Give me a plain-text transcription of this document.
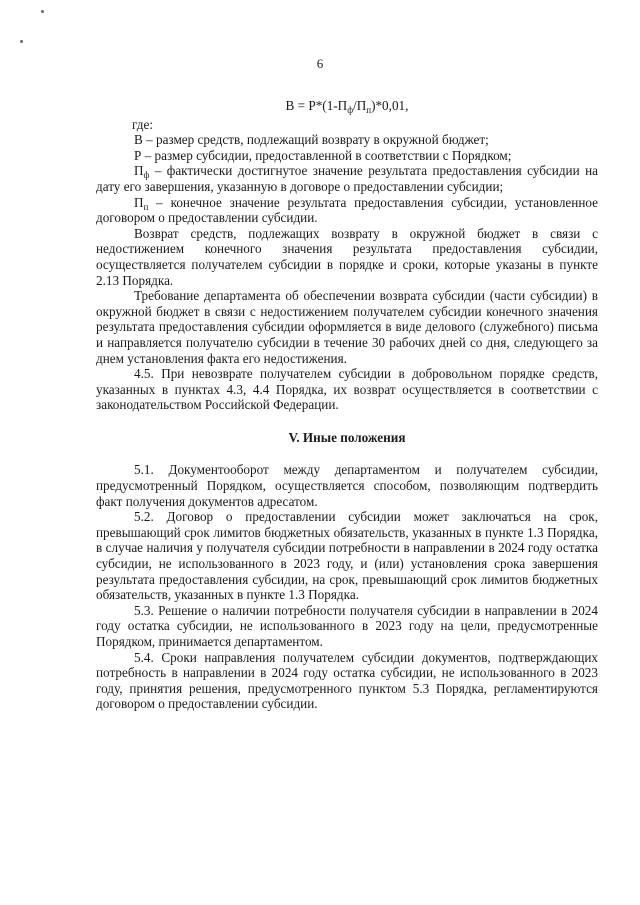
6
$В = Р*(1-П_ф/П_п)*0,01$,

где:

В – размер средств, подлежащий возврату в окружной бюджет;

Р – размер субсидии, предоставленной в соответствии с Порядком;

$П_ф$ – фактически достигнутое значение результата предоставления субсидии на дату его завершения, указанную в договоре о предоставлении субсидии;

$П_п$ – конечное значение результата предоставления субсидии, установленное договором о предоставлении субсидии.

Возврат средств, подлежащих возврату в окружной бюджет в связи с недостижением конечного значения результата предоставления субсидии, осуществляется получателем субсидии в порядке и сроки, которые указаны в пункте 2.13 Порядка.

Требование департамента об обеспечении возврата субсидии (части субсидии) в окружной бюджет в связи с недостижением получателем субсидии конечного значения результата предоставления субсидии оформляется в виде делового (служебного) письма и направляется получателю субсидии в течение 30 рабочих дней со дня, следующего за днем установления факта его недостижения.

4.5. При невозврате получателем субсидии в добровольном порядке средств, указанных в пунктах 4.3, 4.4 Порядка, их возврат осуществляется в соответствии с законодательством Российской Федерации.

V. Иные положения

5.1. Документооборот между департаментом и получателем субсидии, предусмотренный Порядком, осуществляется способом, позволяющим подтвердить факт получения документов адресатом.

5.2. Договор о предоставлении субсидии может заключаться на срок, превышающий срок лимитов бюджетных обязательств, указанных в пункте 1.3 Порядка, в случае наличия у получателя субсидии потребности в направлении в 2024 году остатка субсидии, не использованного в 2023 году, и (или) установления срока завершения результата предоставления субсидии, на срок, превышающий срок лимитов бюджетных обязательств, указанных в пункте 1.3 Порядка.

5.3. Решение о наличии потребности получателя субсидии в направлении в 2024 году остатка субсидии, не использованного в 2023 году на цели, предусмотренные Порядком, принимается департаментом.

5.4. Сроки направления получателем субсидии документов, подтверждающих потребность в направлении в 2024 году остатка субсидии, не использованного в 2023 году, принятия решения, предусмотренного пунктом 5.3 Порядка, регламентируются договором о предоставлении субсидии.
